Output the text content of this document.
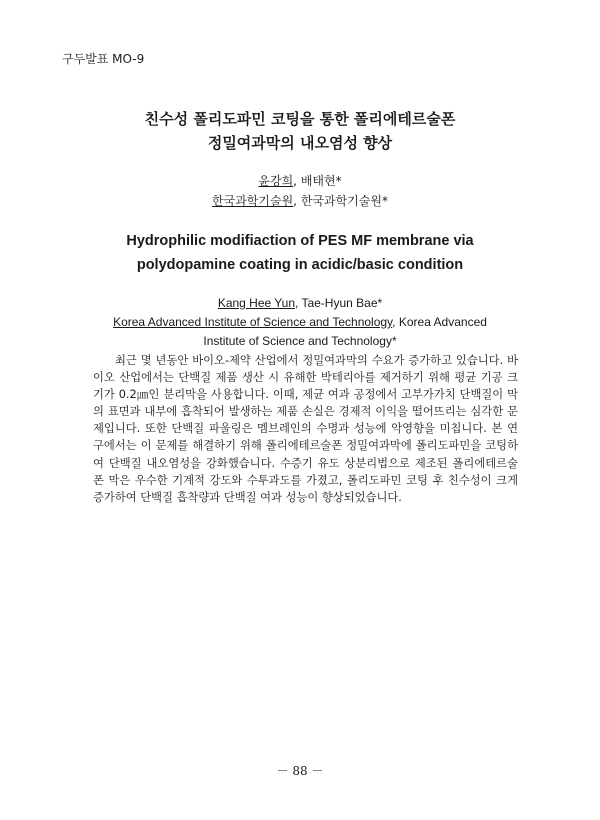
구두발표 MO-9
친수성 폴리도파민 코팅을 통한 폴리에테르술폰
정밀여과막의 내오염성 향상
윤강희, 배태현*
한국과학기술원, 한국과학기술원*
Hydrophilic modifiaction of PES MF membrane via
polydopamine coating in acidic/basic condition
Kang Hee Yun, Tae-Hyun Bae*
Korea Advanced Institute of Science and Technology, Korea Advanced
Institute of Science and Technology*

최근 몇 년동안 바이오-제약 산업에서 정밀여과막의 수요가 증가하고 있습니다. 바이오 산업에서는 단백질 제품 생산 시 유해한 박테리아를 제거하기 위해 평균 기공 크기가 0.2㎛인 분리막을 사용합니다. 이때, 제균 여과 공정에서 고부가가치 단백질이 막의 표면과 내부에 흡착되어 발생하는 제품 손실은 경제적 이익을 떨어뜨리는 심각한 문제입니다. 또한 단백질 파울링은 멤브레인의 수명과 성능에 악영향을 미칩니다. 본 연구에서는 이 문제를 해결하기 위해 폴리에테르술폰 정밀여과막에 폴리도파민을 코팅하여 단백질 내오염성을 강화했습니다. 수증기 유도 상분리법으로 제조된 폴리에테르술폰 막은 우수한 기계적 강도와 수투과도를 가졌고, 폴리도파민 코팅 후 친수성이 크게 증가하여 단백질 흡착량과 단백질 여과 성능이 향상되었습니다.

－ 88 －
